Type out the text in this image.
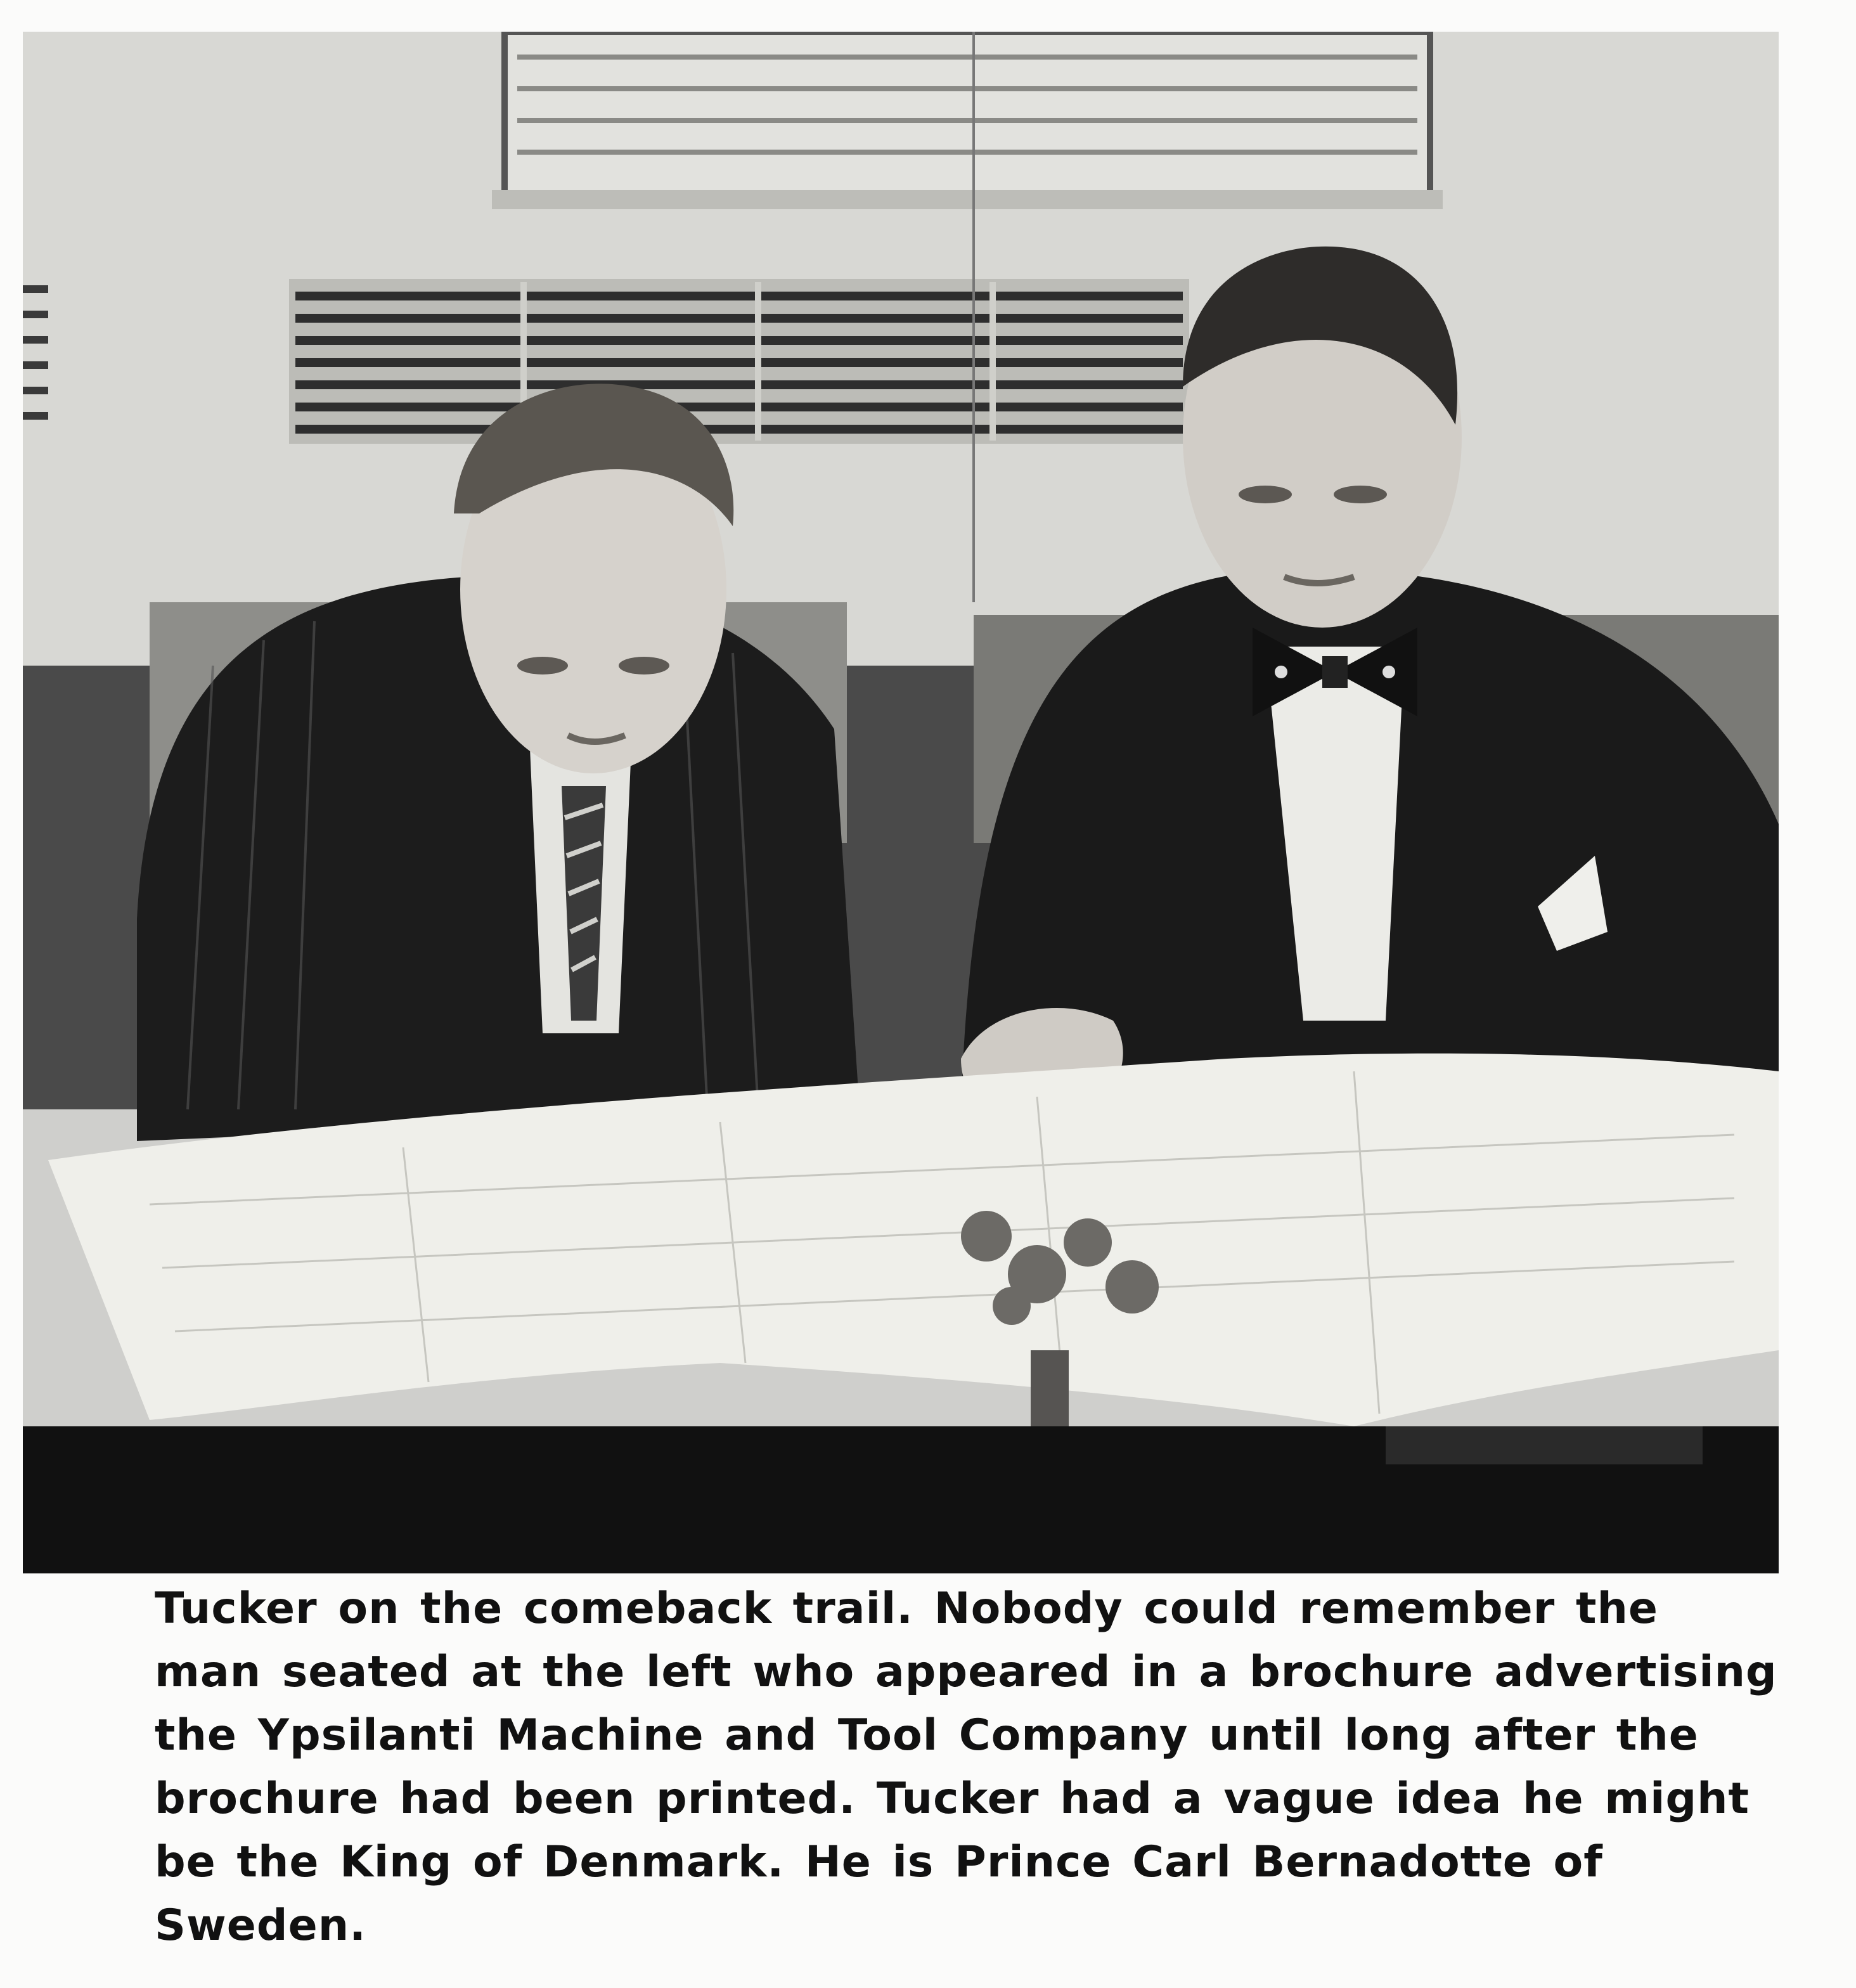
Tucker on the comeback trail. Nobody could remember the
man seated at the left who appeared in a brochure advertising
the Ypsilanti Machine and Tool Company until long after the
brochure had been printed. Tucker had a vague idea he might
be the King of Denmark. He is Prince Carl Bernadotte of
Sweden.
